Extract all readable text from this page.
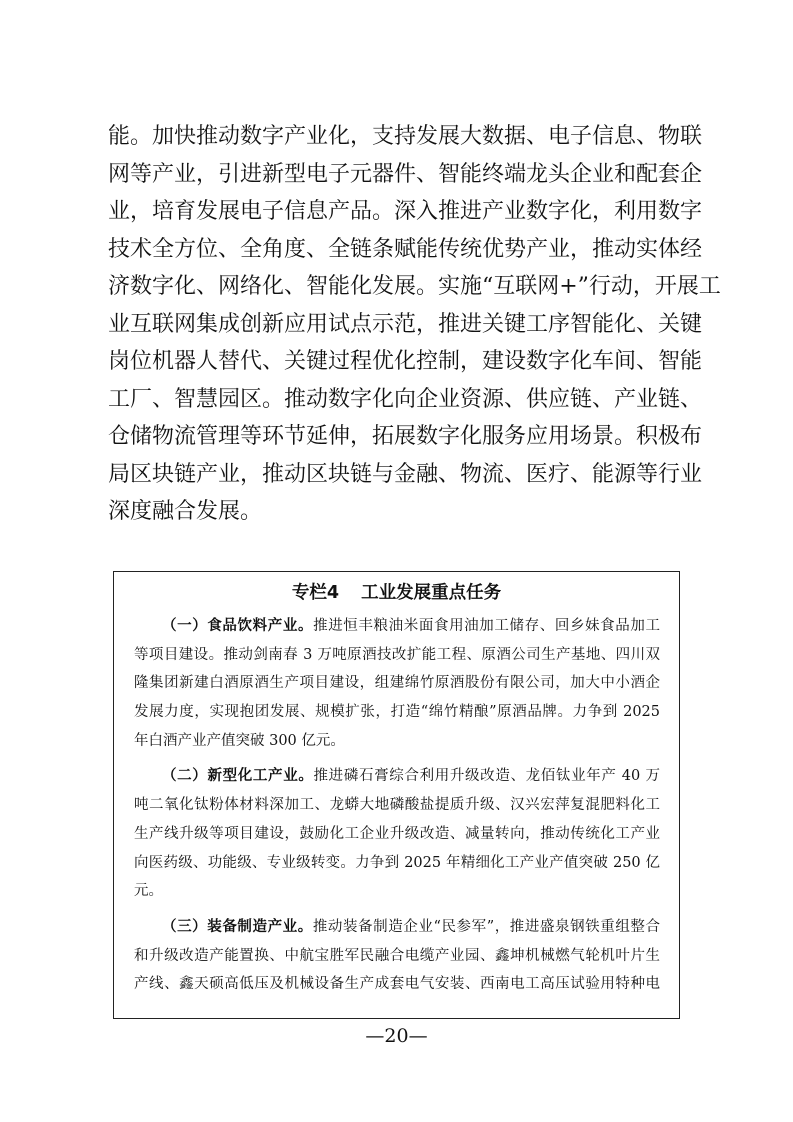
能。加快推动数字产业化，支持发展大数据、电子信息、物联
网等产业，引进新型电子元器件、智能终端龙头企业和配套企
业，培育发展电子信息产品。深入推进产业数字化，利用数字
技术全方位、全角度、全链条赋能传统优势产业，推动实体经
济数字化、网络化、智能化发展。实施“互联网+”行动，开展工
业互联网集成创新应用试点示范，推进关键工序智能化、关键
岗位机器人替代、关键过程优化控制，建设数字化车间、智能
工厂、智慧园区。推动数字化向企业资源、供应链、产业链、
仓储物流管理等环节延伸，拓展数字化服务应用场景。积极布
局区块链产业，推动区块链与金融、物流、医疗、能源等行业
深度融合发展。
专栏4 工业发展重点任务
（一）食品饮料产业。推进恒丰粮油米面食用油加工储存、回乡妹食品加工
等项目建设。推动剑南春 3 万吨原酒技改扩能工程、原酒公司生产基地、四川双
隆集团新建白酒原酒生产项目建设，组建绵竹原酒股份有限公司，加大中小酒企
发展力度，实现抱团发展、规模扩张，打造“绵竹精酿”原酒品牌。力争到 2025
年白酒产业产值突破 300 亿元。
（二）新型化工产业。推进磷石膏综合利用升级改造、龙佰钛业年产 40 万
吨二氧化钛粉体材料深加工、龙蟒大地磷酸盐提质升级、汉兴宏萍复混肥料化工
生产线升级等项目建设，鼓励化工企业升级改造、减量转向，推动传统化工产业
向医药级、功能级、专业级转变。力争到 2025 年精细化工产业产值突破 250 亿
元。
（三）装备制造产业。推动装备制造企业“民参军”，推进盛泉钢铁重组整合
和升级改造产能置换、中航宝胜军民融合电缆产业园、鑫坤机械燃气轮机叶片生
产线、鑫天硕高低压及机械设备生产成套电气安装、西南电工高压试验用特种电
—20—
